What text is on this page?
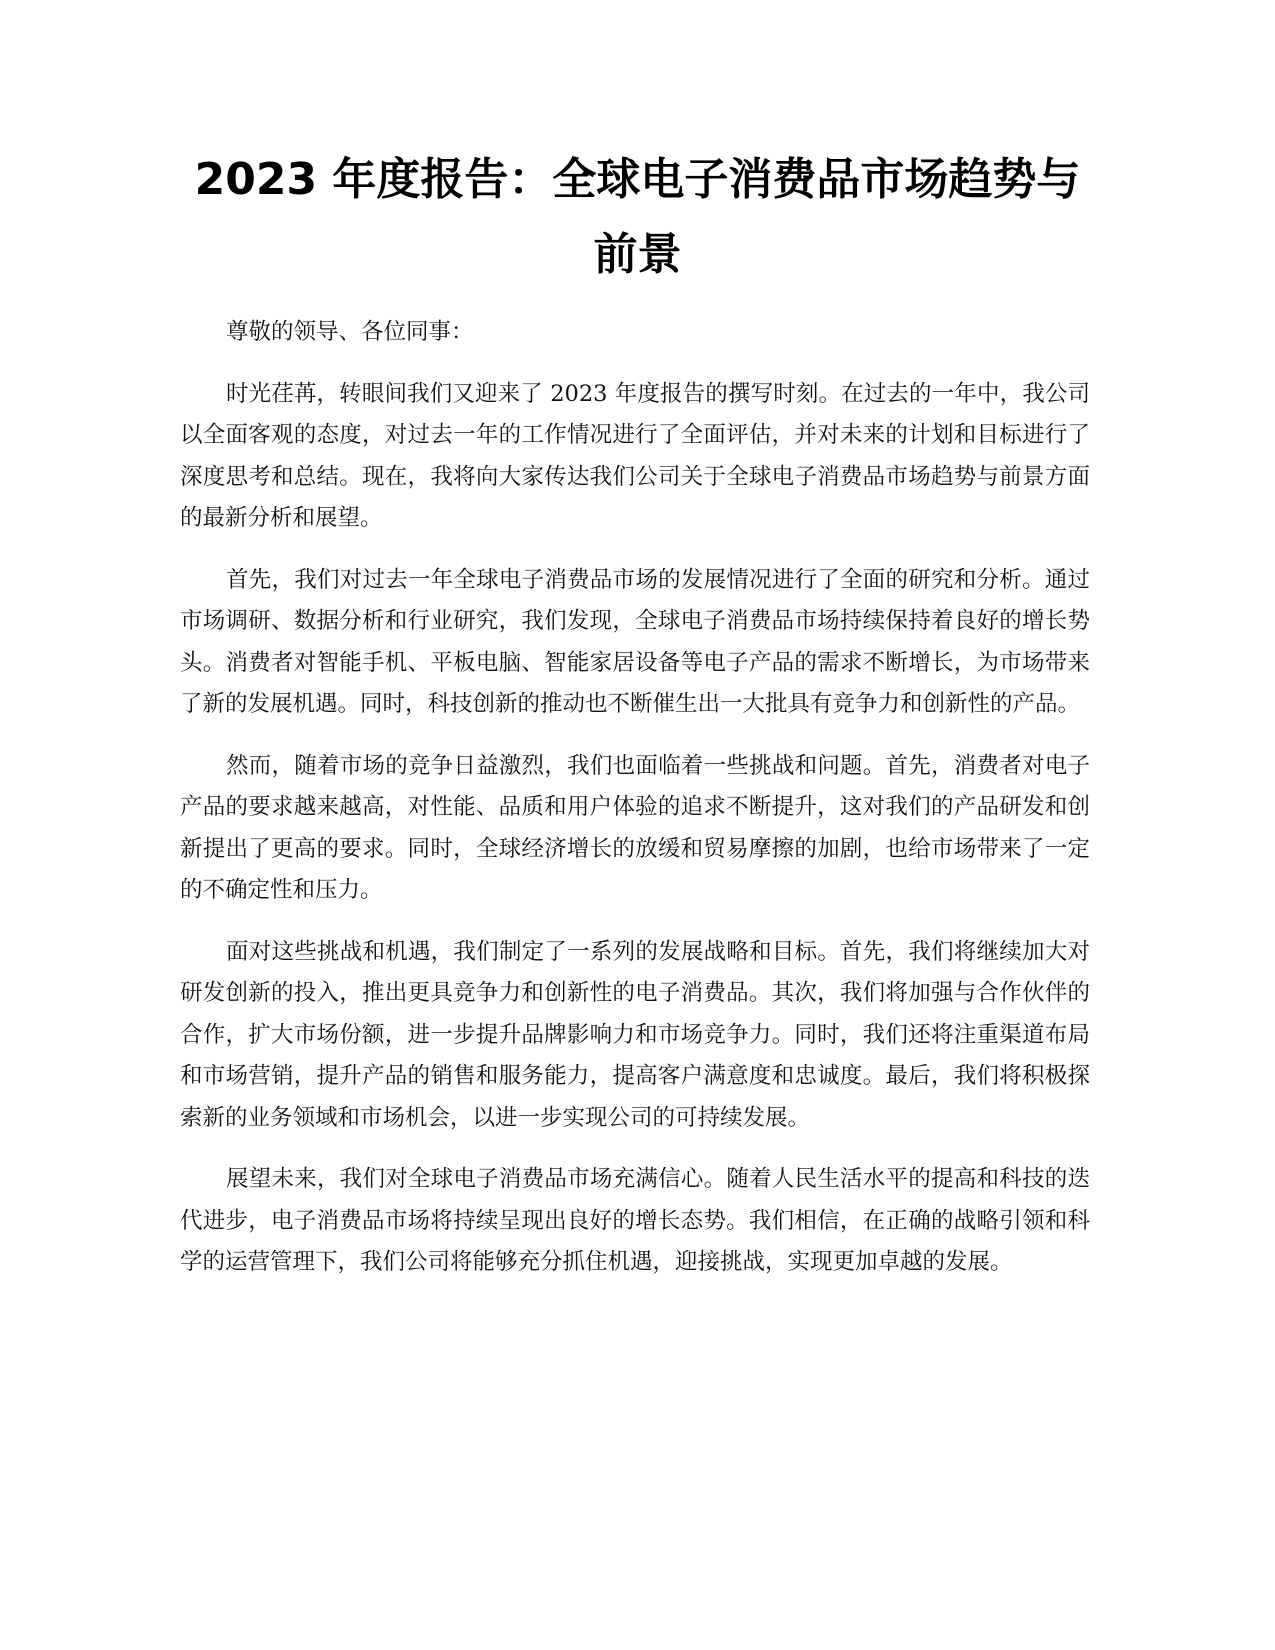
2023 年度报告：全球电子消费品市场趋势与前景

尊敬的领导、各位同事：

时光荏苒，转眼间我们又迎来了 2023 年度报告的撰写时刻。在过去的一年中，我公司以全面客观的态度，对过去一年的工作情况进行了全面评估，并对未来的计划和目标进行了深度思考和总结。现在，我将向大家传达我们公司关于全球电子消费品市场趋势与前景方面的最新分析和展望。

首先，我们对过去一年全球电子消费品市场的发展情况进行了全面的研究和分析。通过市场调研、数据分析和行业研究，我们发现，全球电子消费品市场持续保持着良好的增长势头。消费者对智能手机、平板电脑、智能家居设备等电子产品的需求不断增长，为市场带来了新的发展机遇。同时，科技创新的推动也不断催生出一大批具有竞争力和创新性的产品。

然而，随着市场的竞争日益激烈，我们也面临着一些挑战和问题。首先，消费者对电子产品的要求越来越高，对性能、品质和用户体验的追求不断提升，这对我们的产品研发和创新提出了更高的要求。同时，全球经济增长的放缓和贸易摩擦的加剧，也给市场带来了一定的不确定性和压力。

面对这些挑战和机遇，我们制定了一系列的发展战略和目标。首先，我们将继续加大对研发创新的投入，推出更具竞争力和创新性的电子消费品。其次，我们将加强与合作伙伴的合作，扩大市场份额，进一步提升品牌影响力和市场竞争力。同时，我们还将注重渠道布局和市场营销，提升产品的销售和服务能力，提高客户满意度和忠诚度。最后，我们将积极探索新的业务领域和市场机会，以进一步实现公司的可持续发展。

展望未来，我们对全球电子消费品市场充满信心。随着人民生活水平的提高和科技的迭代进步，电子消费品市场将持续呈现出良好的增长态势。我们相信，在正确的战略引领和科学的运营管理下，我们公司将能够充分抓住机遇，迎接挑战，实现更加卓越的发展。
